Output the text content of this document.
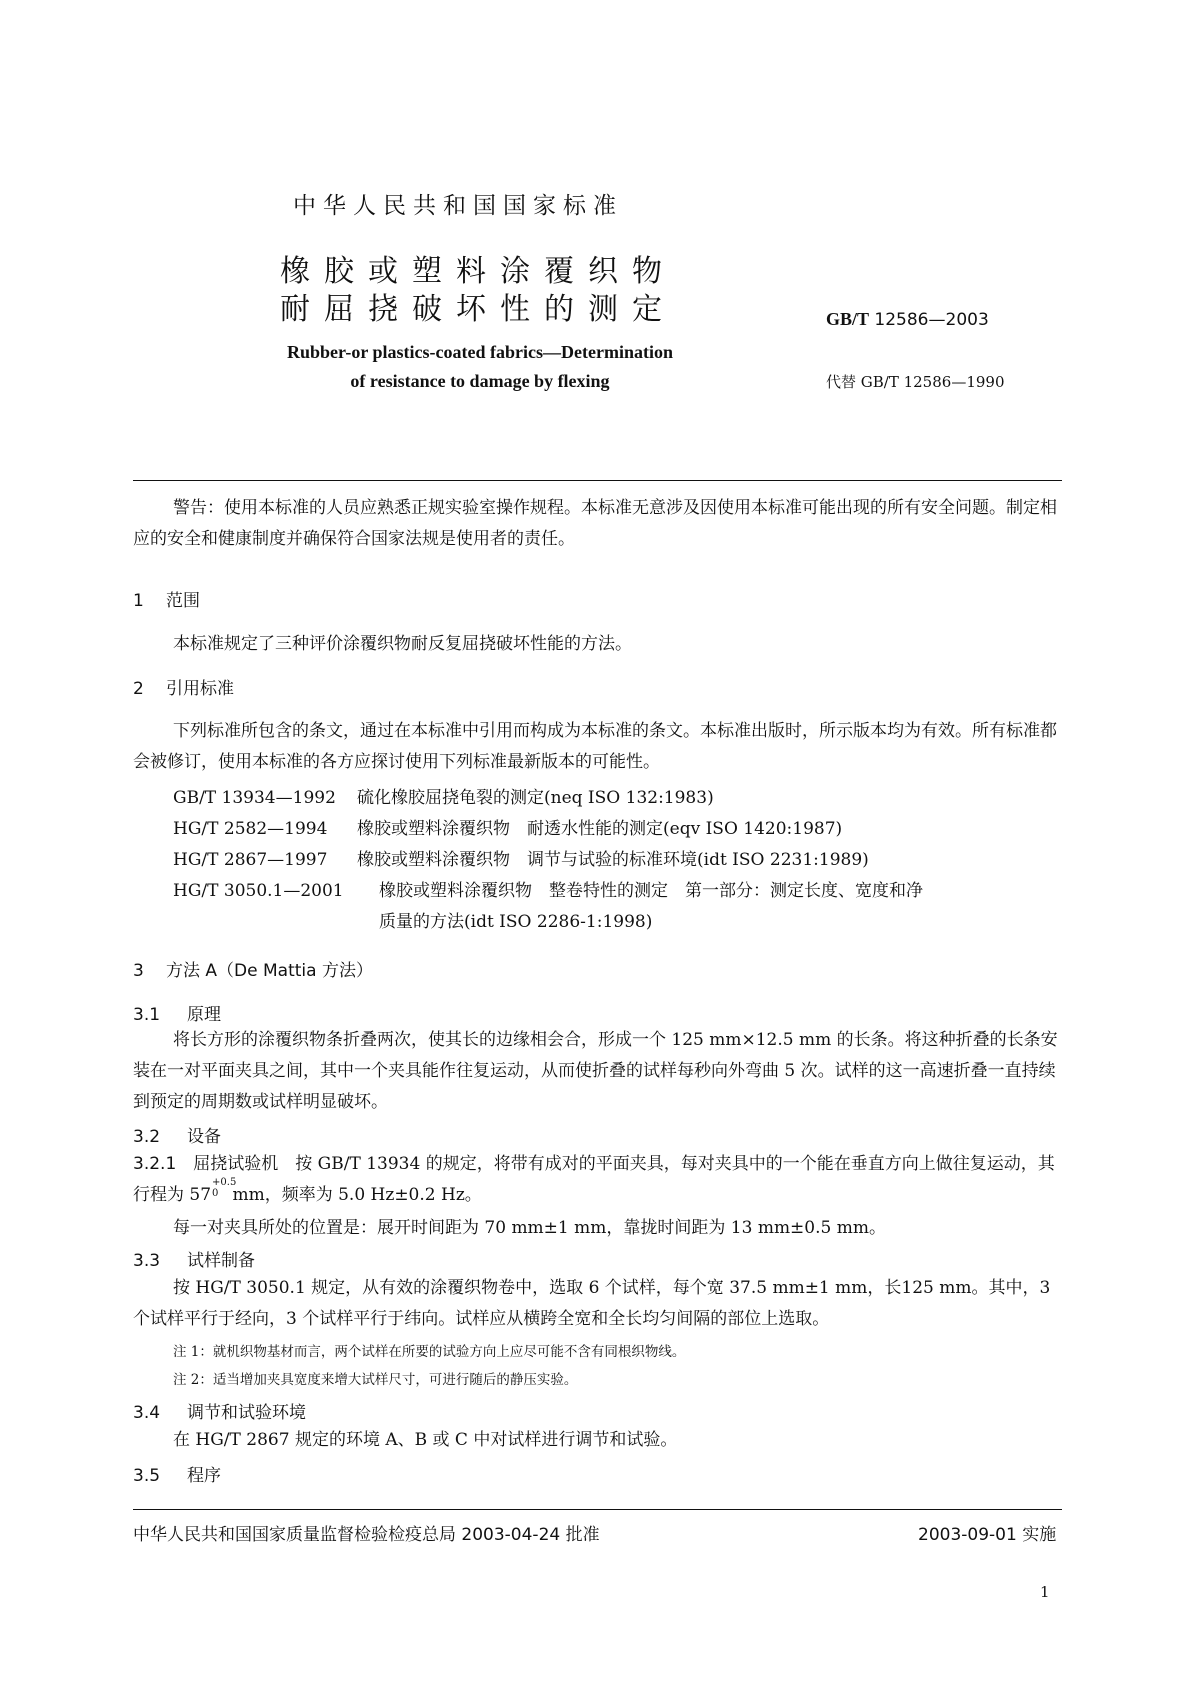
中华人民共和国国家标准
橡胶或塑料涂覆织物
耐屈挠破坏性的测定	GB/T 12586—2003
Rubber-or plastics-coated fabrics—Determination
of resistance to damage by flexing	代替 GB/T 12586—1990
警告：使用本标准的人员应熟悉正规实验室操作规程。本标准无意涉及因使用本标准可能出现的所有安全问题。制定相应的安全和健康制度并确保符合国家法规是使用者的责任。
1 范围
本标准规定了三种评价涂覆织物耐反复屈挠破坏性能的方法。
2 引用标准
下列标准所包含的条文，通过在本标准中引用而构成为本标准的条文。本标准出版时，所示版本均为有效。所有标准都会被修订，使用本标准的各方应探讨使用下列标准最新版本的可能性。
GB/T 13934—1992 硫化橡胶屈挠龟裂的测定(neq ISO 132:1983)
HG/T 2582—1994 橡胶或塑料涂覆织物　耐透水性能的测定(eqv ISO 1420:1987)
HG/T 2867—1997 橡胶或塑料涂覆织物　调节与试验的标准环境(idt ISO 2231:1989)
HG/T 3050.1—2001 橡胶或塑料涂覆织物　整卷特性的测定　第一部分：测定长度、宽度和净
质量的方法(idt ISO 2286-1:1998)
3 方法 A（De Mattia 方法）
3.1 原理
将长方形的涂覆织物条折叠两次，使其长的边缘相会合，形成一个 125 mm×12.5 mm 的长条。将这种折叠的长条安装在一对平面夹具之间，其中一个夹具能作往复运动，从而使折叠的试样每秒向外弯曲 5 次。试样的这一高速折叠一直持续到预定的周期数或试样明显破坏。
3.2 设备
3.2.1　 屈挠试验机　 按 GB/T 13934 的规定，将带有成对的平面夹具，每对夹具中的一个能在垂直方向上做往复运动，其行程为 57
+0.5
0 mm，频率为 5.0 Hz±0.2 Hz。
每一对夹具所处的位置是：展开时间距为 70 mm±1 mm，靠拢时间距为 13 mm±0.5 mm。
3.3 试样制备
按 HG/T 3050.1 规定，从有效的涂覆织物卷中，选取 6 个试样，每个宽 37.5 mm±1 mm，长125 mm。其中，3 个试样平行于经向，3 个试样平行于纬向。试样应从横跨全宽和全长均匀间隔的部位上选取。
注 1：就机织物基材而言，两个试样在所要的试验方向上应尽可能不含有同根织物线。
注 2：适当增加夹具宽度来增大试样尺寸，可进行随后的静压实验。
3.4 调节和试验环境
在 HG/T 2867 规定的环境 A、B 或 C 中对试样进行调节和试验。
3.5 程序
中华人民共和国国家质量监督检验检疫总局 2003-04-24 批准	2003-09-01 实施
1
